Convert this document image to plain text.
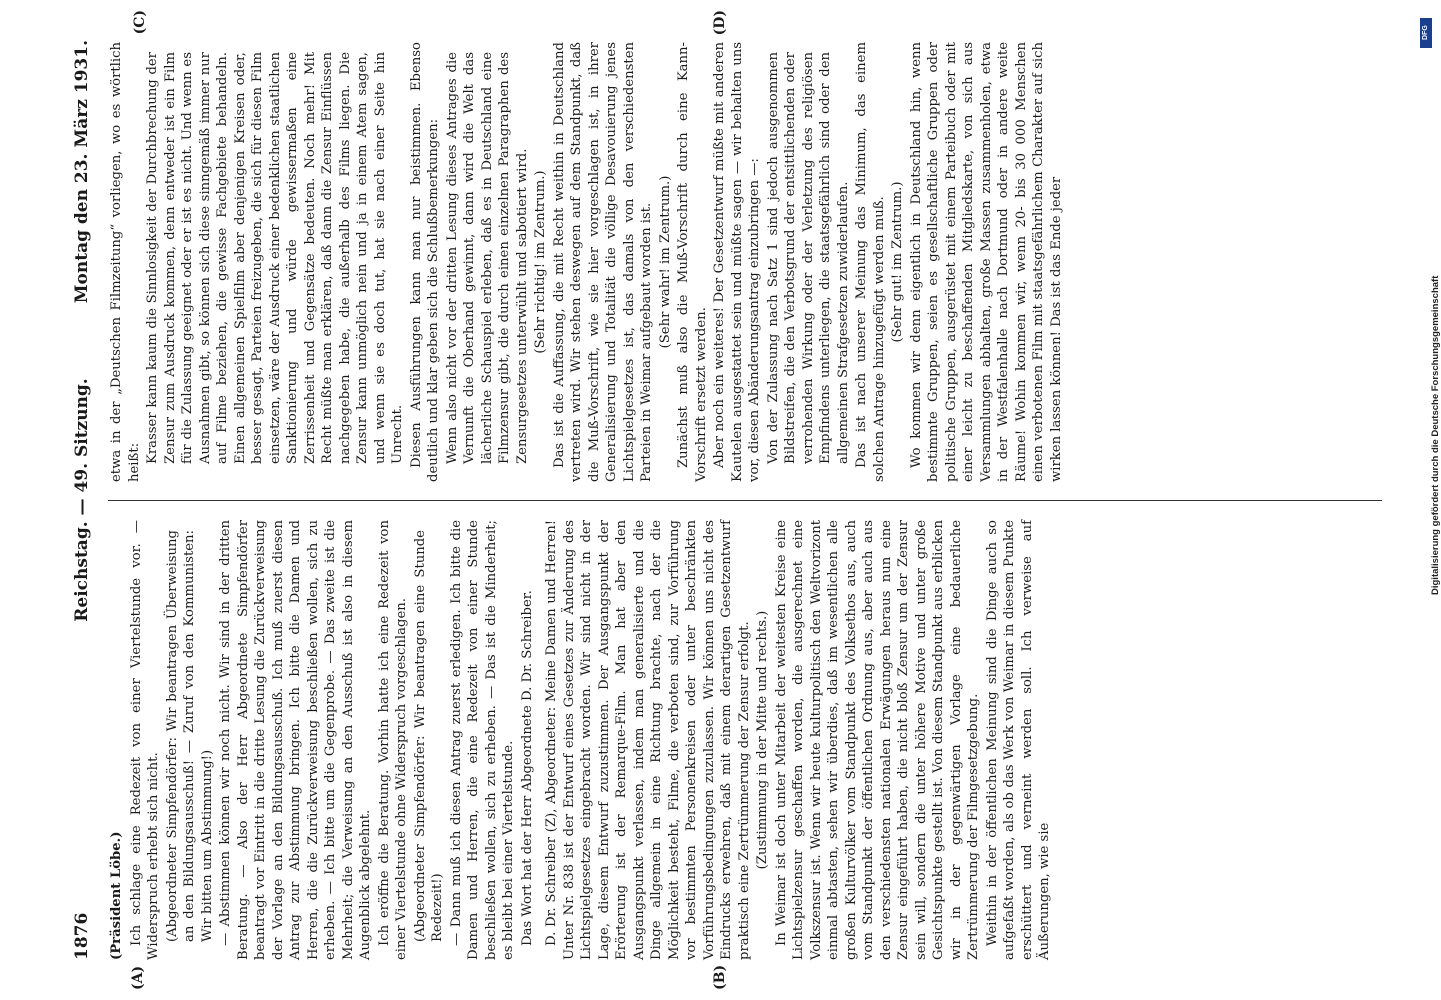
1876
Reichstag. — 49. Sitzung.
Montag den 23. März 1931.
(Präsident Löbe.) Ich schlage eine Redezeit von einer Viertelstunde vor. — Widerspruch erhebt sich nicht. (Abgeordneter Simpfendörfer: Wir beantragen Überweisung an den Bildungsausschuß! — Zuruf von den Kommunisten: Wir bitten um Abstimmung!) — Abstimmen können wir noch nicht. Wir sind in der dritten Beratung. — Also der Herr Abgeordnete Simpfendörfer beantragt vor Eintritt in die dritte Lesung die Zurückverweisung der Vorlage an den Bildungsausschuß. Ich muß zuerst diesen Antrag zur Abstimmung bringen. Ich bitte die Damen und Herren, die die Zurückverweisung beschließen wollen, sich zu erheben. — Ich bitte um die Gegenprobe. — Das zweite ist die Mehrheit; die Verweisung an den Ausschuß ist also in diesem Augenblick abgelehnt. Ich eröffne die Beratung. Vorhin hatte ich eine Redezeit von einer Viertelstunde ohne Widerspruch vorgeschlagen. (Abgeordneter Simpfendörfer: Wir beantragen eine Stunde Redezeit!) — Dann muß ich diesen Antrag zuerst erledigen. Ich bitte die Damen und Herren, die eine Redezeit von einer Stunde beschließen wollen, sich zu erheben. — Das ist die Minderheit; es bleibt bei einer Viertelstunde. Das Wort hat der Herr Abgeordnete D. Dr. Schreiber. D. Dr. Schreiber (Z), Abgeordneter: Meine Damen und Herren! Unter Nr. 838 ist der Entwurf eines Gesetzes zur Änderung des Lichtspielgesetzes eingebracht worden. Wir sind nicht in der Lage, diesem Entwurf zuzustimmen. Der Ausgangspunkt der Erörterung ist der Remarque-Film. Man hat aber den Ausgangspunkt verlassen, indem man generalisierte und die Dinge allgemein in eine Richtung brachte, nach der die Möglichkeit besteht, Filme, die verboten sind, zur Vorführung vor bestimmten Personenkreisen oder unter beschränkten Vorführungsbedingungen zuzulassen. Wir können uns nicht des Eindrucks erwehren, daß mit einem derartigen Gesetzentwurf praktisch eine Zertrümmerung der Zensur erfolgt. (Zustimmung in der Mitte und rechts.) In Weimar ist doch unter Mitarbeit der weitesten Kreise eine Lichtspielzensur geschaffen worden, die ausgerechnet eine Volkszensur ist. Wenn wir heute kulturpolitisch den Weltvorizont einmal abtasten, sehen wir überdies, daß im wesentlichen alle großen Kulturvölker vom Standpunkt des Volksethos aus, auch vom Standpunkt der öffentlichen Ordnung aus, aber auch aus den verschiedensten nationalen Erwägungen heraus nun eine Zensur eingeführt haben, die nicht bloß Zensur um der Zensur sein will, sondern die unter höhere Motive und unter große Gesichtspunkte gestellt ist. Von diesem Standpunkt aus erblicken wir in der gegenwärtigen Vorlage eine bedauerliche Zertrümmerung der Filmgesetzgebung. Weithin in der öffentlichen Meinung sind die Dinge auch so aufgefaßt worden, als ob das Werk von Weimar in diesem Punkte erschüttert und verneint werden soll. Ich verweise auf Äußerungen, wie sie

etwa in der „Deutschen Filmzeitung“ vorliegen, wo es wörtlich heißt: Krasser kann kaum die Sinnlosigkeit der Durchbrechung der Zensur zum Ausdruck kommen, denn entweder ist ein Film für die Zulassung geeignet oder er ist es nicht. Und wenn es Ausnahmen gibt, so können sich diese sinngemäß immer nur auf Filme beziehen, die gewisse Fachgebiete behandeln. Einen allgemeinen Spielfilm aber denjenigen Kreisen oder, besser gesagt, Parteien freizugeben, die sich für diesen Film einsetzen, wäre der Ausdruck einer bedenklichen staatlichen Sanktionierung und würde gewissermaßen eine Zerrissenheit und Gegensätze bedeuten. Noch mehr! Mit Recht müßte man erklären, daß dann die Zensur Einflüssen nachgegeben habe, die außerhalb des Films liegen. Die Zensur kann unmöglich nein und ja in einem Atem sagen, und wenn sie es doch tut, hat sie nach einer Seite hin Unrecht. Diesen Ausführungen kann man nur beistimmen. Ebenso deutlich und klar geben sich die Schlußbemerkungen: Wenn also nicht vor der dritten Lesung dieses Antrages die Vernunft die Oberhand gewinnt, dann wird die Welt das lächerliche Schauspiel erleben, daß es in Deutschland eine Filmzensur gibt, die durch einen einzelnen Paragraphen des Zensurgesetzes unterwühlt und sabotiert wird. (Sehr richtig! im Zentrum.) Das ist die Auffassung, die mit Recht weithin in Deutschland vertreten wird. Wir stehen deswegen auf dem Standpunkt, daß die Muß-Vorschrift, wie sie hier vorgeschlagen ist, in ihrer Generalisierung und Totalität die völlige Desavouierung jenes Lichtspielgesetzes ist, das damals von den verschiedensten Parteien in Weimar aufgebaut worden ist. (Sehr wahr! im Zentrum.) Zunächst muß also die Muß-Vorschrift durch eine Kann-Vorschrift ersetzt werden. Aber noch ein weiteres! Der Gesetzentwurf müßte mit anderen Kautelen ausgestattet sein und müßte sagen — wir behalten uns vor, diesen Abänderungsantrag einzubringen —: Von der Zulassung nach Satz 1 sind jedoch ausgenommen Bildstreifen, die den Verbotsgrund der entsittlichenden oder verrohenden Wirkung oder der Verletzung des religiösen Empfindens unterliegen, die staatsgefährlich sind oder den allgemeinen Strafgesetzen zuwiderlaufen. Das ist nach unserer Meinung das Minimum, das einem solchen Antrage hinzugefügt werden muß. (Sehr gut! im Zentrum.) Wo kommen wir denn eigentlich in Deutschland hin, wenn bestimmte Gruppen, seien es gesellschaftliche Gruppen oder politische Gruppen, ausgerüstet mit einem Parteibuch oder mit einer leicht zu beschaffenden Mitgliedskarte, von sich aus Versammlungen abhalten, große Massen zusammenholen, etwa in der Westfalenhalle nach Dortmund oder in andere weite Räume! Wohin kommen wir, wenn 20- bis 30 000 Menschen einen verbotenen Film mit staatsgefährlichem Charakter auf sich wirken lassen können! Das ist das Ende jeder

(A)	(B)
(C)	(D)	DFG
Digitalisierung gefördert durch die Deutsche Forschungsgemeinschaft
